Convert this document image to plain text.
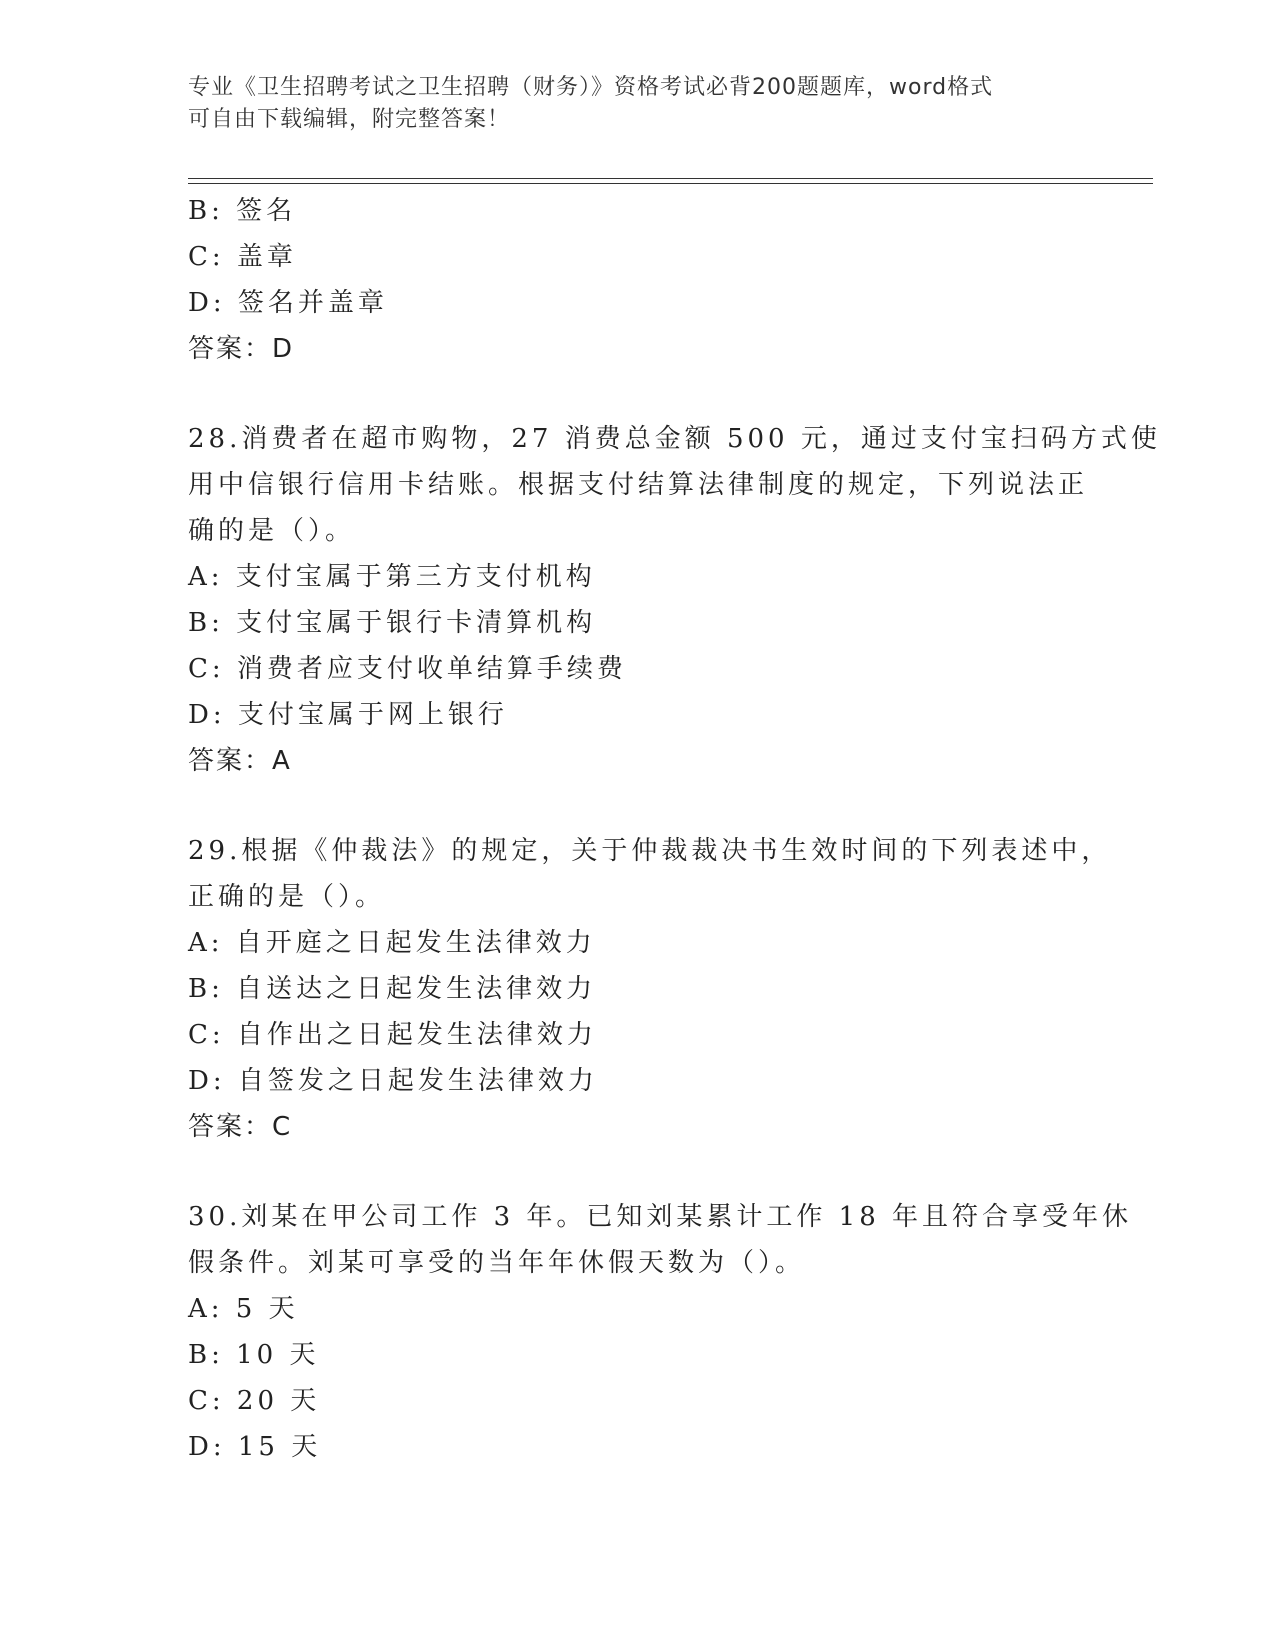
专业《卫生招聘考试之卫生招聘（财务）》资格考试必背200题题库，word格式
可自由下载编辑，附完整答案！
B: 签名
C: 盖章
D: 签名并盖章
答案：D
28.消费者在超市购物，27 消费总金额 500 元，通过支付宝扫码方式使
用中信银行信用卡结账。根据支付结算法律制度的规定，下列说法正
确的是（）。
A: 支付宝属于第三方支付机构
B: 支付宝属于银行卡清算机构
C: 消费者应支付收单结算手续费
D: 支付宝属于网上银行
答案：A
29.根据《仲裁法》的规定，关于仲裁裁决书生效时间的下列表述中，
正确的是（）。
A: 自开庭之日起发生法律效力
B: 自送达之日起发生法律效力
C: 自作出之日起发生法律效力
D: 自签发之日起发生法律效力
答案：C
30.刘某在甲公司工作 3 年。已知刘某累计工作 18 年且符合享受年休
假条件。刘某可享受的当年年休假天数为（）。
A: 5 天
B: 10 天
C: 20 天
D: 15 天
